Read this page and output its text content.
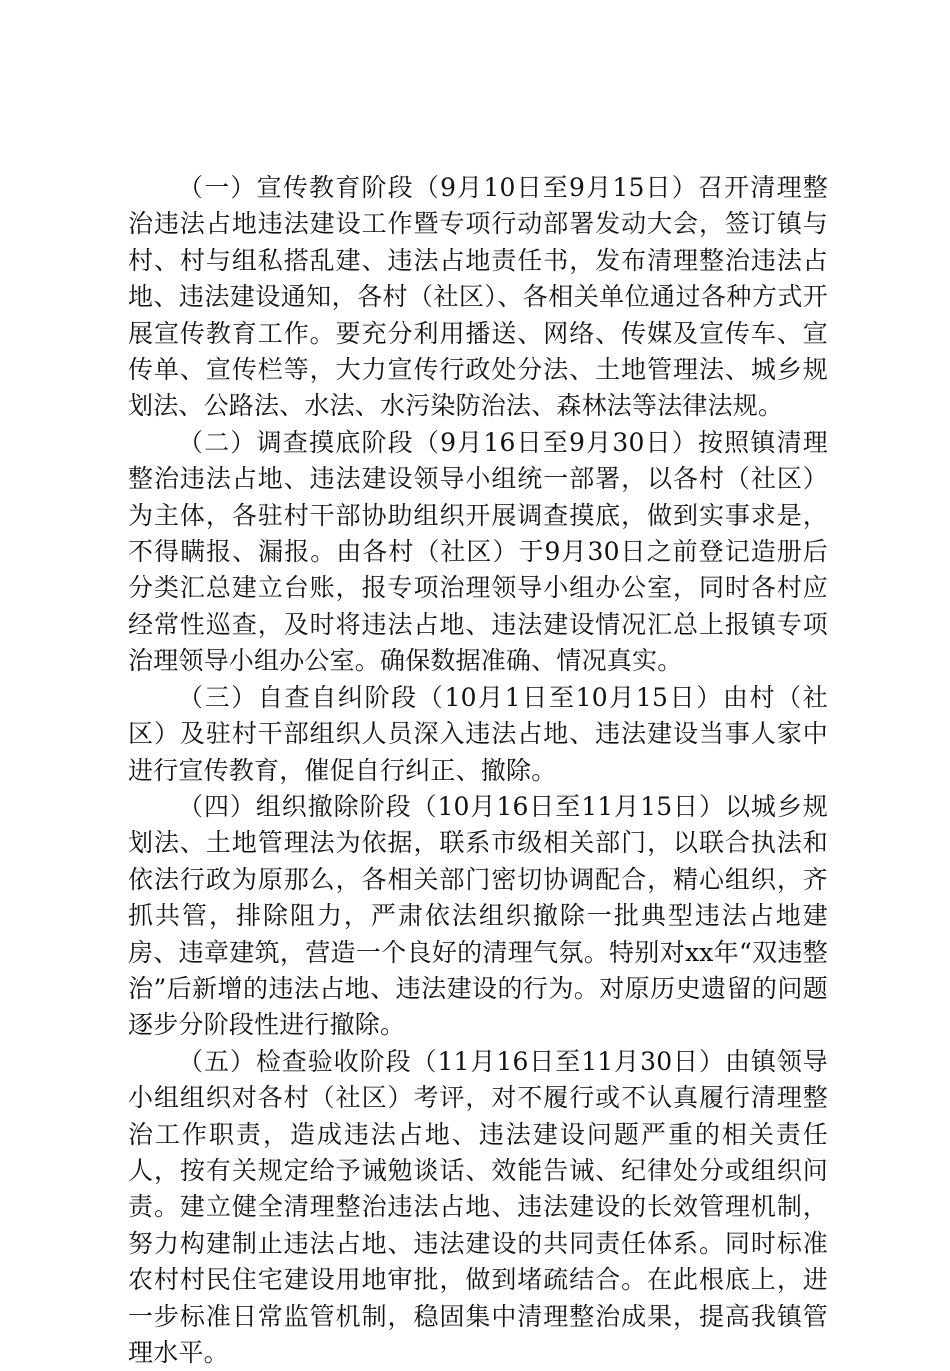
（一）宣传教育阶段（9月10日至9月15日）召开清理整治违法占地违法建设工作暨专项行动部署发动大会，签订镇与村、村与组私搭乱建、违法占地责任书，发布清理整治违法占地、违法建设通知，各村（社区）、各相关单位通过各种方式开展宣传教育工作。要充分利用播送、网络、传媒及宣传车、宣传单、宣传栏等，大力宣传行政处分法、土地管理法、城乡规划法、公路法、水法、水污染防治法、森林法等法律法规。

（二）调查摸底阶段（9月16日至9月30日）按照镇清理整治违法占地、违法建设领导小组统一部署，以各村（社区）为主体，各驻村干部协助组织开展调查摸底，做到实事求是，不得瞒报、漏报。由各村（社区）于9月30日之前登记造册后分类汇总建立台账，报专项治理领导小组办公室，同时各村应经常性巡查，及时将违法占地、违法建设情况汇总上报镇专项治理领导小组办公室。确保数据准确、情况真实。

（三）自查自纠阶段（10月1日至10月15日）由村（社区）及驻村干部组织人员深入违法占地、违法建设当事人家中进行宣传教育，催促自行纠正、撤除。

（四）组织撤除阶段（10月16日至11月15日）以城乡规划法、土地管理法为依据，联系市级相关部门，以联合执法和依法行政为原那么，各相关部门密切协调配合，精心组织，齐抓共管，排除阻力，严肃依法组织撤除一批典型违法占地建房、违章建筑，营造一个良好的清理气氛。特别对xx年“双违整治”后新增的违法占地、违法建设的行为。对原历史遗留的问题逐步分阶段性进行撤除。

（五）检查验收阶段（11月16日至11月30日）由镇领导小组组织对各村（社区）考评，对不履行或不认真履行清理整治工作职责，造成违法占地、违法建设问题严重的相关责任人，按有关规定给予诫勉谈话、效能告诫、纪律处分或组织问责。建立健全清理整治违法占地、违法建设的长效管理机制，努力构建制止违法占地、违法建设的共同责任体系。同时标准农村村民住宅建设用地审批，做到堵疏结合。在此根底上，进一步标准日常监管机制，稳固集中清理整治成果，提高我镇管理水平。
